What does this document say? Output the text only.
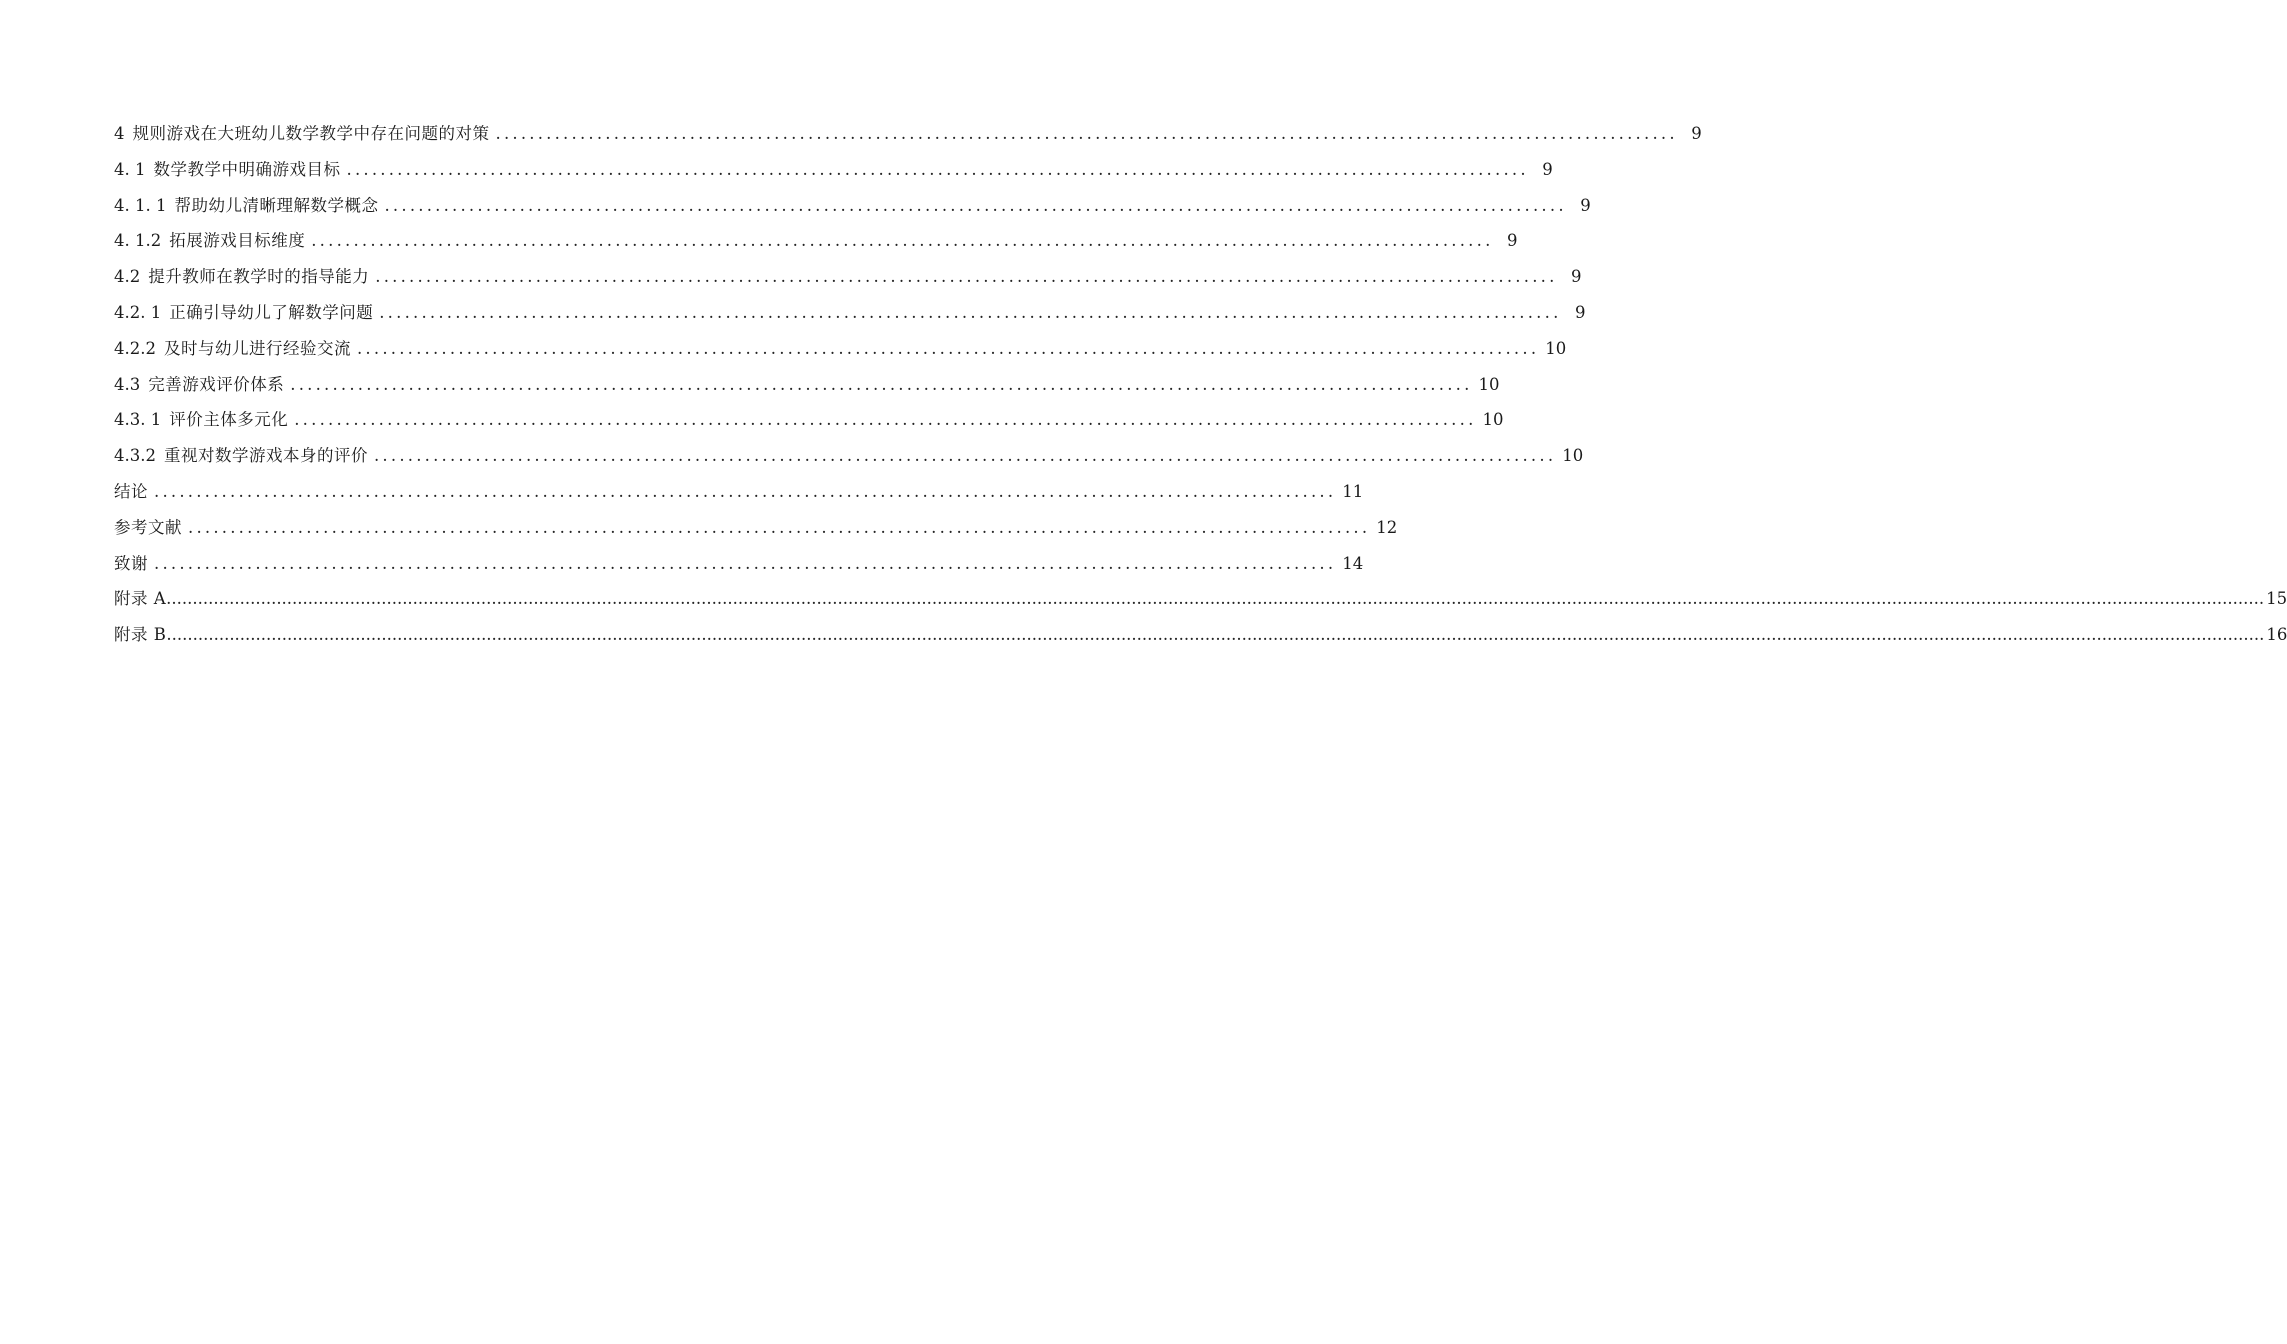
4 规则游戏在大班幼儿数学教学中存在问题的对策 ............................................................................................................................................ 9
4. 1 数学教学中明确游戏目标 ............................................................................................................................................ 9
4. 1. 1 帮助幼儿清晰理解数学概念 ............................................................................................................................................ 9
4. 1.2 拓展游戏目标维度 ............................................................................................................................................ 9
4.2 提升教师在教学时的指导能力 ............................................................................................................................................ 9
4.2. 1 正确引导幼儿了解数学问题 ............................................................................................................................................ 9
4.2.2 及时与幼儿进行经验交流 ............................................................................................................................................ 10
4.3 完善游戏评价体系 ............................................................................................................................................ 10
4.3. 1 评价主体多元化 ............................................................................................................................................ 10
4.3.2 重视对数学游戏本身的评价 ............................................................................................................................................ 10
结论 ............................................................................................................................................ 11
参考文献 ............................................................................................................................................ 12
致谢 ............................................................................................................................................ 14
附录 A ................................................................................................................................................................................................................................................................................................................................................................................................................ 15
附录 B ................................................................................................................................................................................................................................................................................................................................................................................................................ 16
